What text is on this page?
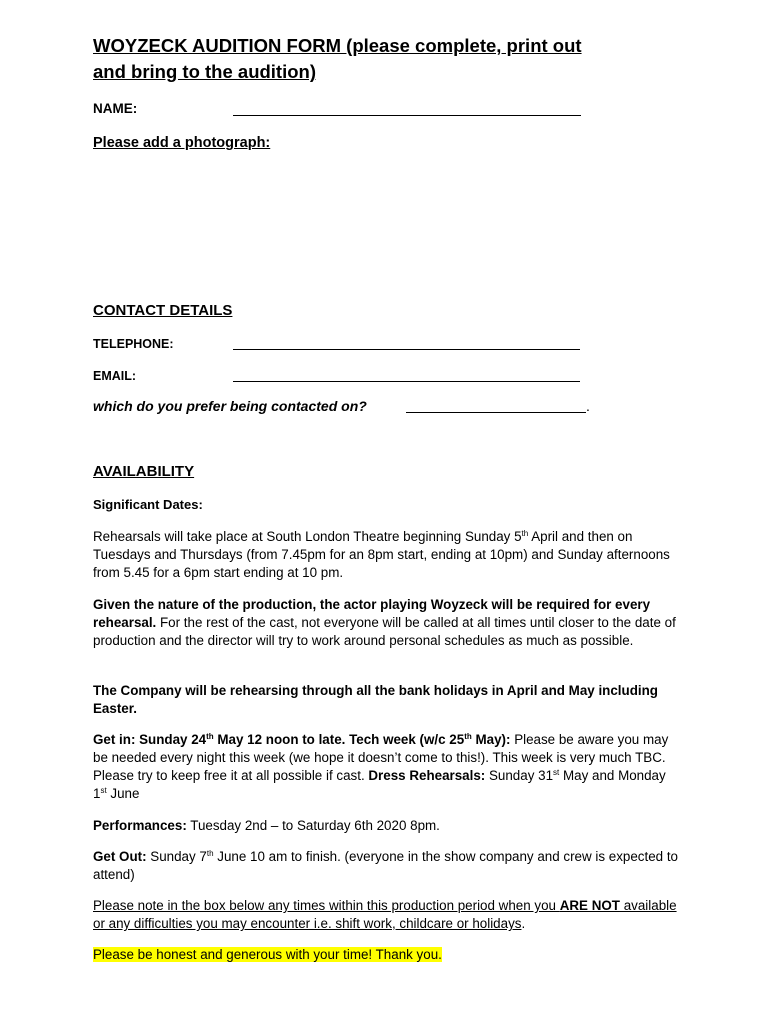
WOYZECK AUDITION FORM (please complete, print out
and bring to the audition)
NAME:
Please add a photograph:
CONTACT DETAILS
TELEPHONE:
EMAIL:
which do you prefer being contacted on?	.
AVAILABILITY
Significant Dates:
Rehearsals will take place at South London Theatre beginning Sunday 5th April and then on Tuesdays and Thursdays (from 7.45pm for an 8pm start, ending at 10pm) and Sunday afternoons from 5.45 for a 6pm start ending at 10 pm.
Given the nature of the production, the actor playing Woyzeck will be required for every rehearsal. For the rest of the cast, not everyone will be called at all times until closer to the date of production and the director will try to work around personal schedules as much as possible.
The Company will be rehearsing through all the bank holidays in April and May including Easter.
Get in: Sunday 24th May 12 noon to late. Tech week (w/c 25th May): Please be aware you may be needed every night this week (we hope it doesn’t come to this!). This week is very much TBC. Please try to keep free it at all possible if cast. Dress Rehearsals: Sunday 31st May and Monday 1st June
Performances: Tuesday 2nd – to Saturday 6th 2020 8pm.
Get Out: Sunday 7th June 10 am to finish. (everyone in the show company and crew is expected to attend)
Please note in the box below any times within this production period when you ARE NOT available or any difficulties you may encounter i.e. shift work, childcare or holidays.
Please be honest and generous with your time! Thank you.
